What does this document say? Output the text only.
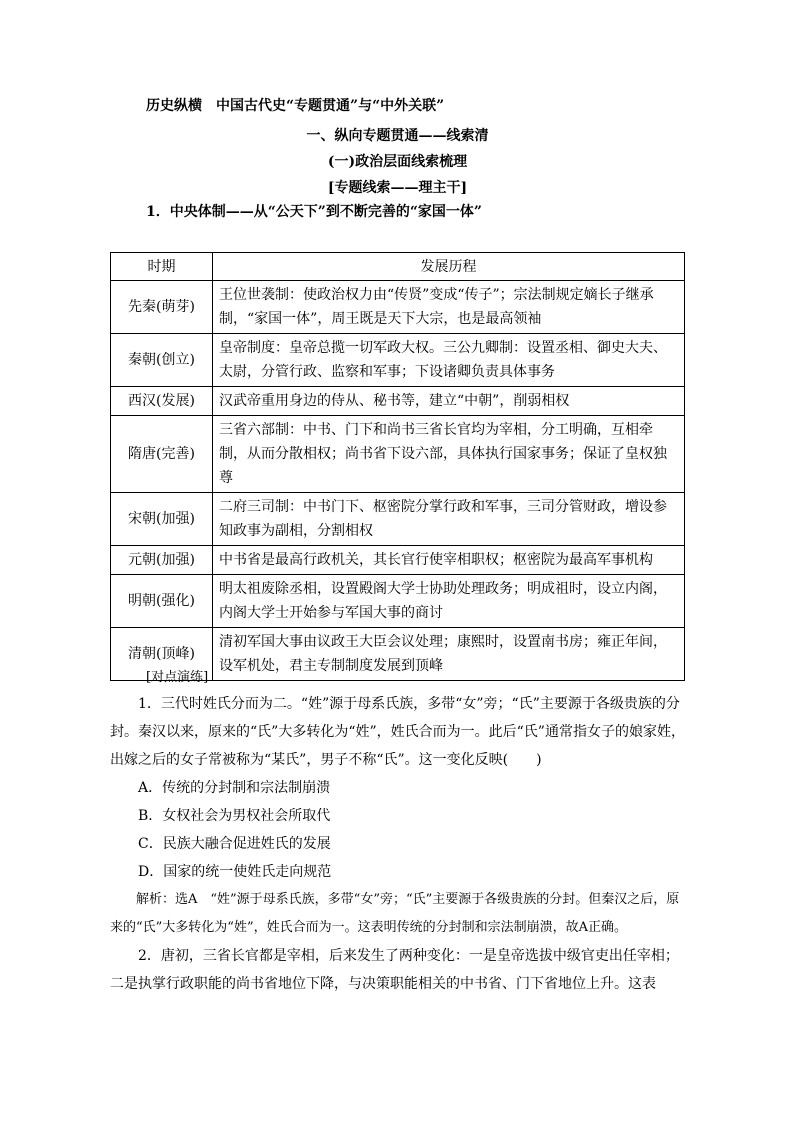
历史纵横　中国古代史“专题贯通”与“中外关联”
一、纵向专题贯通——线索清
(一)政治层面线索梳理
[专题线索——理主干]
1．中央体制——从“公天下”到不断完善的“家国一体”
时期	发展历程
先秦(萌芽)	王位世袭制：使政治权力由“传贤”变成“传子”；宗法制规定嫡长子继承制，“家国一体”，周王既是天下大宗，也是最高领袖
秦朝(创立)	皇帝制度：皇帝总揽一切军政大权。三公九卿制：设置丞相、御史大夫、太尉，分管行政、监察和军事；下设诸卿负责具体事务
西汉(发展)	汉武帝重用身边的侍从、秘书等，建立“中朝”，削弱相权
隋唐(完善)	三省六部制：中书、门下和尚书三省长官均为宰相，分工明确，互相牵制，从而分散相权；尚书省下设六部，具体执行国家事务；保证了皇权独尊
宋朝(加强)	二府三司制：中书门下、枢密院分掌行政和军事，三司分管财政，增设参知政事为副相，分割相权
元朝(加强)	中书省是最高行政机关，其长官行使宰相职权；枢密院为最高军事机构
明朝(强化)	明太祖废除丞相，设置殿阁大学士协助处理政务；明成祖时，设立内阁，内阁大学士开始参与军国大事的商讨
清朝(顶峰)	清初军国大事由议政王大臣会议处理；康熙时，设置南书房；雍正年间，设军机处，君主专制制度发展到顶峰
[对点演练]

1．三代时姓氏分而为二。“姓”源于母系氏族，多带“女”旁；“氏”主要源于各级贵族的分封。秦汉以来，原来的“氏”大多转化为“姓”，姓氏合而为一。此后“氏”通常指女子的娘家姓，出嫁之后的女子常被称为“某氏”，男子不称“氏”。这一变化反映(　　)

A．传统的分封制和宗法制崩溃

B．女权社会为男权社会所取代

C．民族大融合促进姓氏的发展

D．国家的统一使姓氏走向规范

解析：选A　“姓”源于母系氏族，多带“女”旁；“氏”主要源于各级贵族的分封。但秦汉之后，原来的“氏”大多转化为“姓”，姓氏合而为一。这表明传统的分封制和宗法制崩溃，故A正确。

2．唐初，三省长官都是宰相，后来发生了两种变化：一是皇帝选拔中级官吏出任宰相；二是执掌行政职能的尚书省地位下降，与决策职能相关的中书省、门下省地位上升。这表
